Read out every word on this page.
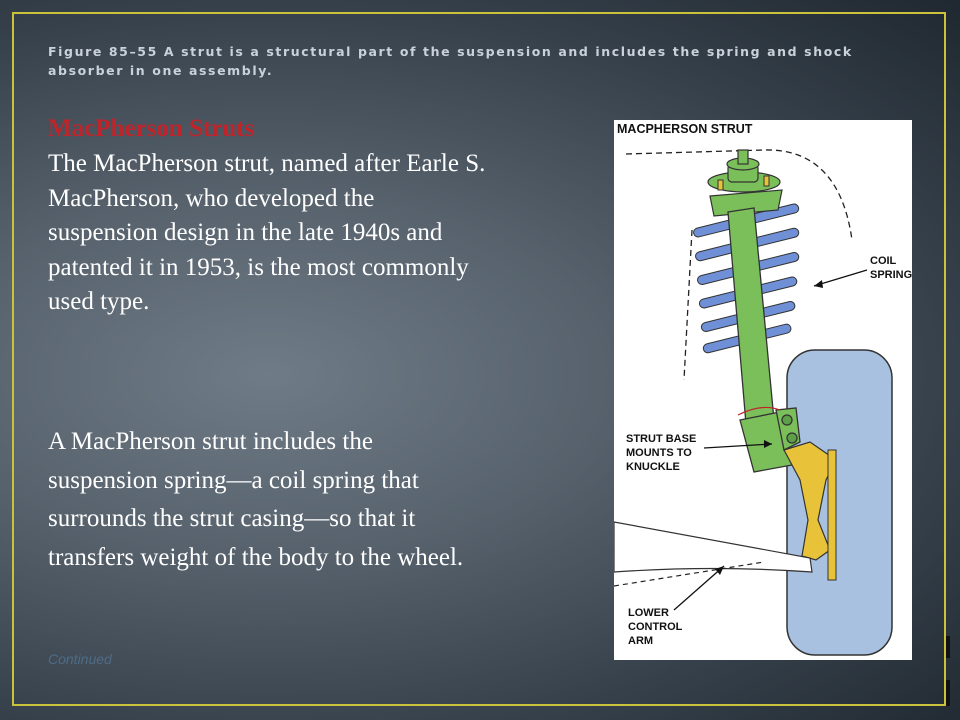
Figure 85–55 A strut is a structural part of the suspension and includes the spring and shock absorber in one assembly.
MacPherson Struts
The MacPherson strut, named after Earle S. MacPherson, who developed the suspension design in the late 1940s and patented it in 1953, is the most commonly used type.
A MacPherson strut includes the suspension spring—a coil spring that surrounds the strut casing—so that it transfers weight of the body to the wheel.
Continued
MACPHERSON STRUT
COIL
SPRING
STRUT BASE
MOUNTS TO
KNUCKLE
LOWER
CONTROL
ARM
